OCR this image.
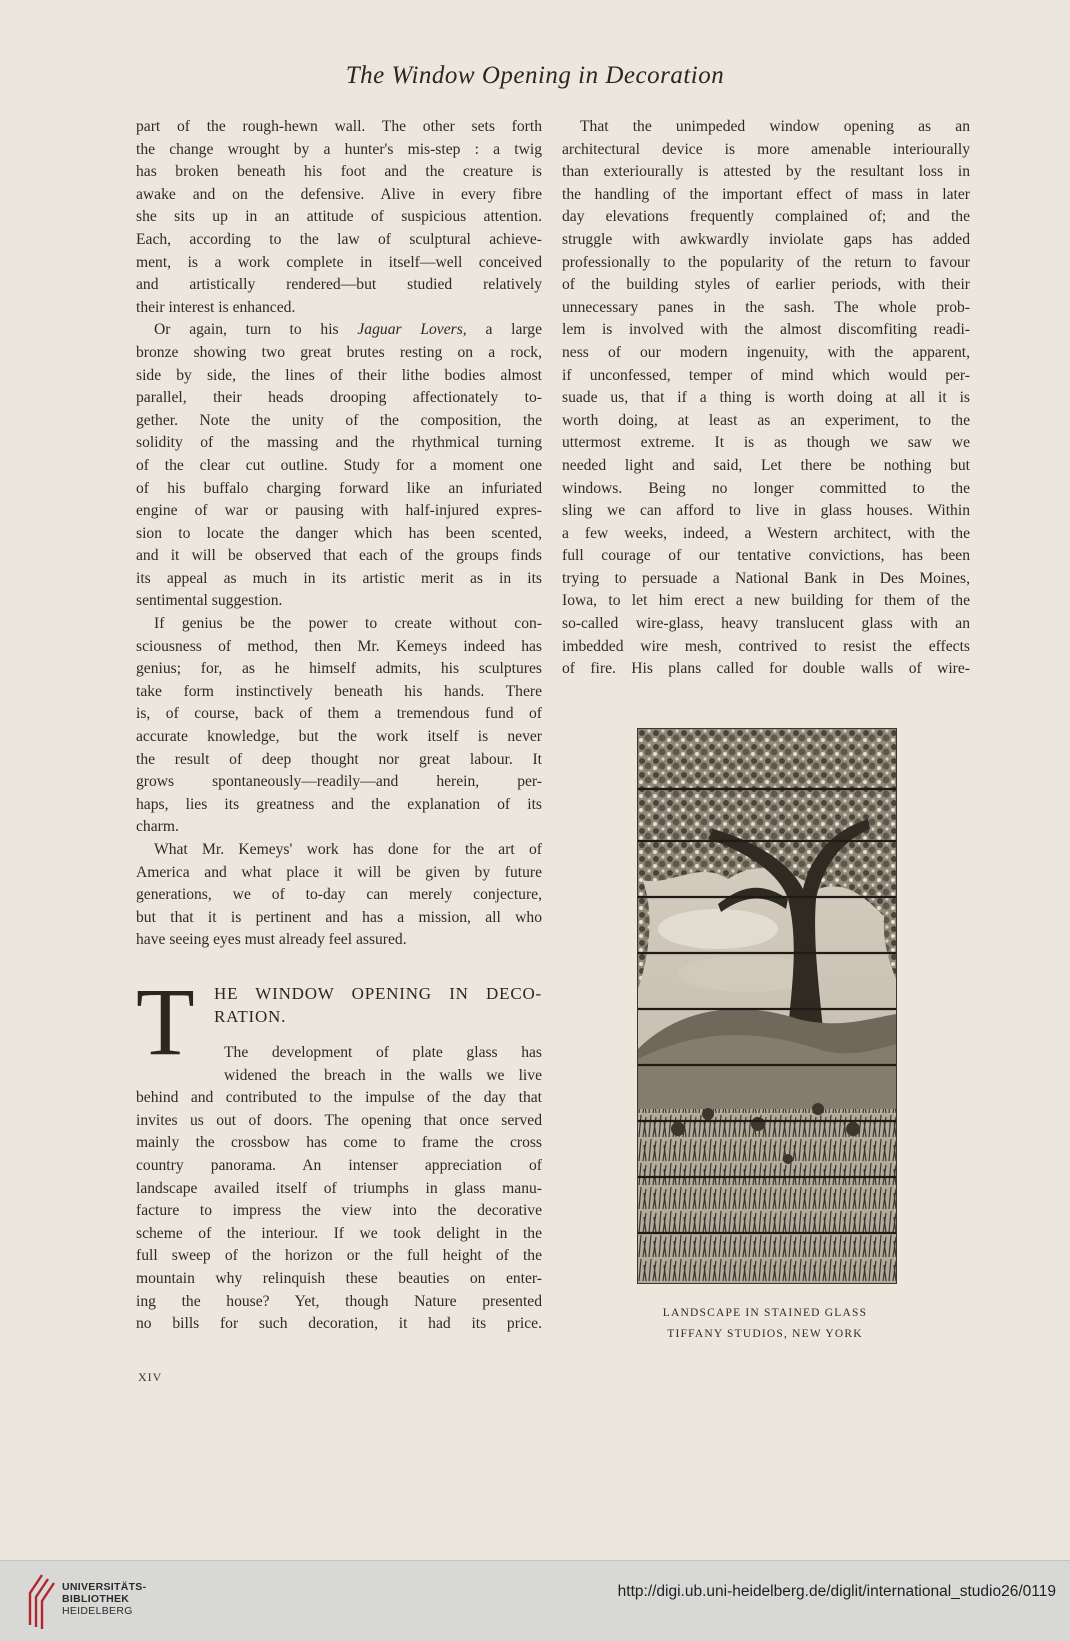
The Window Opening in Decoration
part of the rough-hewn wall. The other sets forth
the change wrought by a hunter's mis-step : a twig
has broken beneath his foot and the creature is
awake and on the defensive. Alive in every fibre
she sits up in an attitude of suspicious attention.
Each, according to the law of sculptural achieve-
ment, is a work complete in itself—well conceived
and artistically rendered—but studied relatively
their interest is enhanced.
Or again, turn to his Jaguar Lovers, a large
bronze showing two great brutes resting on a rock,
side by side, the lines of their lithe bodies almost
parallel, their heads drooping affectionately to-
gether. Note the unity of the composition, the
solidity of the massing and the rhythmical turning
of the clear cut outline. Study for a moment one
of his buffalo charging forward like an infuriated
engine of war or pausing with half-injured expres-
sion to locate the danger which has been scented,
and it will be observed that each of the groups finds
its appeal as much in its artistic merit as in its
sentimental suggestion.
If genius be the power to create without con-
sciousness of method, then Mr. Kemeys indeed has
genius; for, as he himself admits, his sculptures
take form instinctively beneath his hands. There
is, of course, back of them a tremendous fund of
accurate knowledge, but the work itself is never
the result of deep thought nor great labour. It
grows spontaneously—readily—and herein, per-
haps, lies its greatness and the explanation of its
charm.
What Mr. Kemeys' work has done for the art of
America and what place it will be given by future
generations, we of to-day can merely conjecture,
but that it is pertinent and has a mission, all who
have seeing eyes must already feel assured.
T HE WINDOW OPENING IN DECO-
RATION.
The development of plate glass has
widened the breach in the walls we live
behind and contributed to the impulse of the day that
invites us out of doors. The opening that once served
mainly the crossbow has come to frame the cross
country panorama. An intenser appreciation of
landscape availed itself of triumphs in glass manu-
facture to impress the view into the decorative
scheme of the interiour. If we took delight in the
full sweep of the horizon or the full height of the
mountain why relinquish these beauties on enter-
ing the house? Yet, though Nature presented
no bills for such decoration, it had its price.
That the unimpeded window opening as an
architectural device is more amenable interiourally
than exteriourally is attested by the resultant loss in
the handling of the important effect of mass in later
day elevations frequently complained of; and the
struggle with awkwardly inviolate gaps has added
professionally to the popularity of the return to favour
of the building styles of earlier periods, with their
unnecessary panes in the sash. The whole prob-
lem is involved with the almost discomfiting readi-
ness of our modern ingenuity, with the apparent,
if unconfessed, temper of mind which would per-
suade us, that if a thing is worth doing at all it is
worth doing, at least as an experiment, to the
uttermost extreme. It is as though we saw we
needed light and said, Let there be nothing but
windows. Being no longer committed to the
sling we can afford to live in glass houses. Within
a few weeks, indeed, a Western architect, with the
full courage of our tentative convictions, has been
trying to persuade a National Bank in Des Moines,
Iowa, to let him erect a new building for them of the
so-called wire-glass, heavy translucent glass with an
imbedded wire mesh, contrived to resist the effects
of fire. His plans called for double walls of wire-
LANDSCAPE IN STAINED GLASS
TIFFANY STUDIOS, NEW YORK
XIV
UNIVERSITÄTS-
BIBLIOTHEK
HEIDELBERG
http://digi.ub.uni-heidelberg.de/diglit/international_studio26/0119
